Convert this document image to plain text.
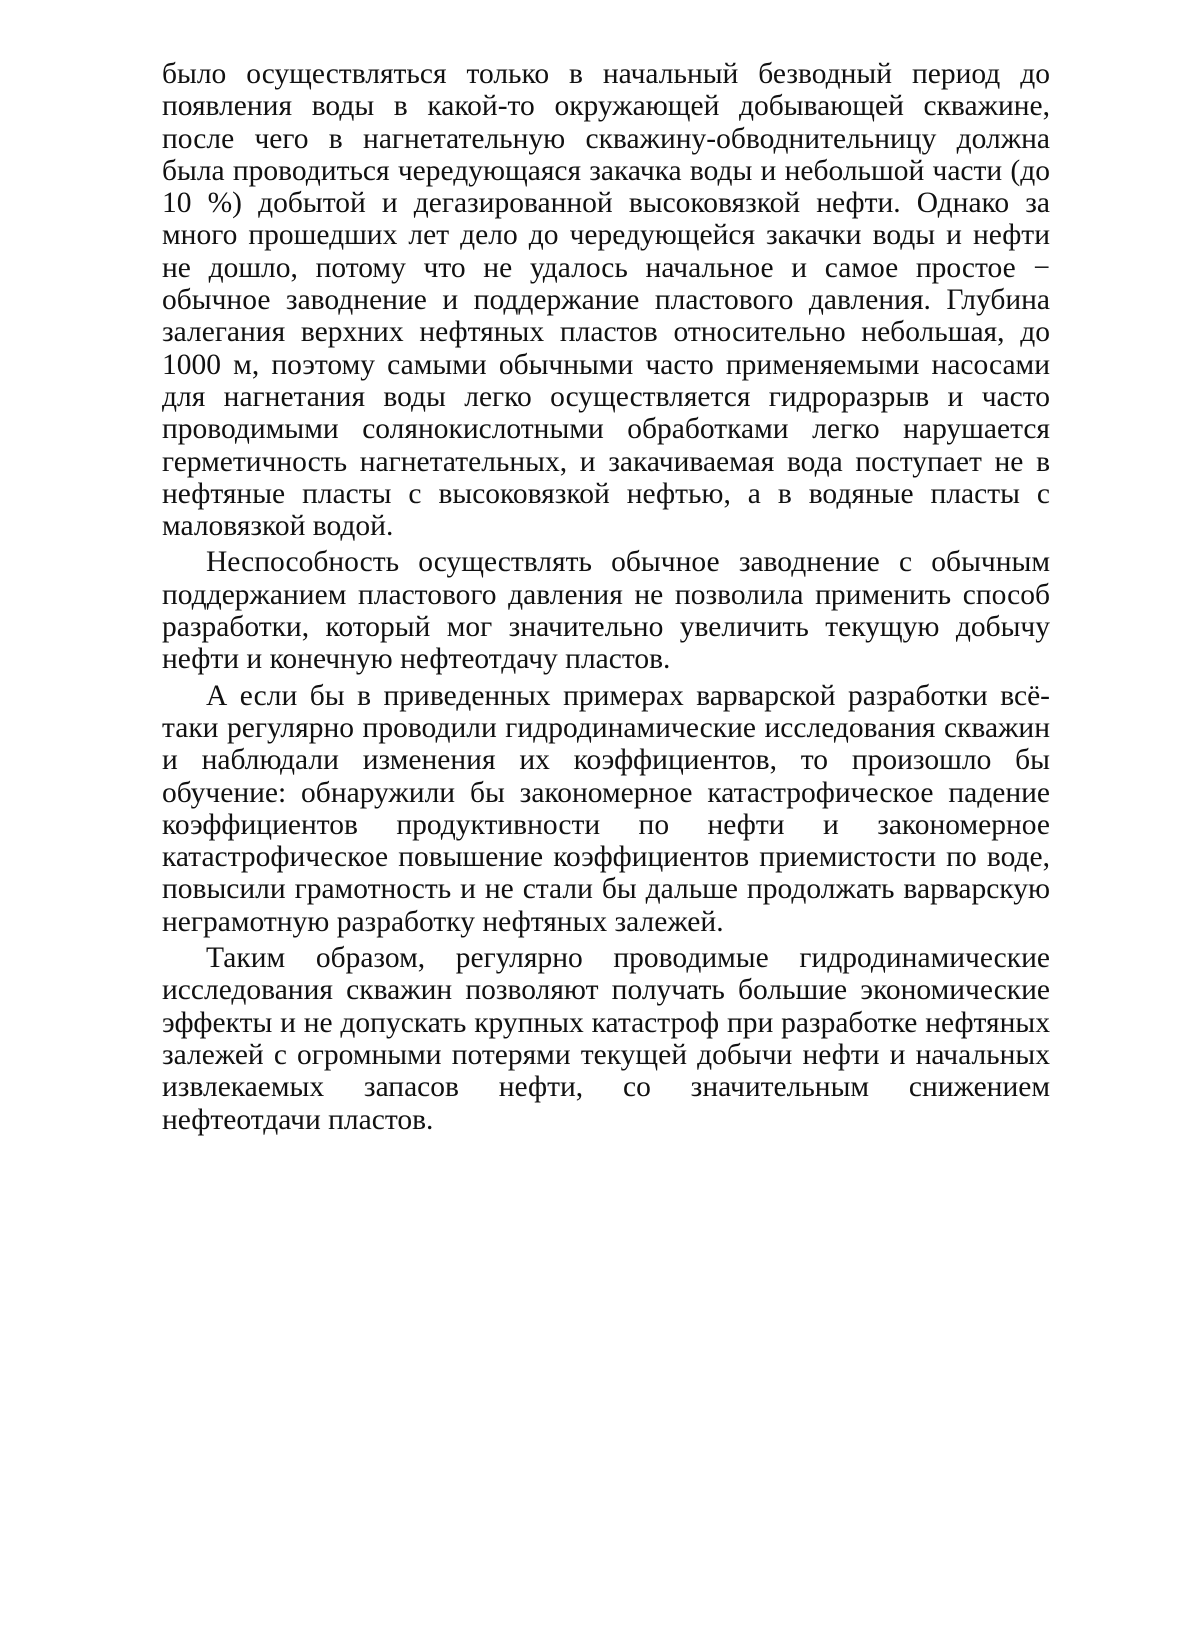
было осуществляться только в начальный безводный период до появления воды в какой-то окружающей добывающей скважине, после чего в нагнетательную скважину-обводнительницу должна была проводиться чередующаяся закачка воды и небольшой части (до 10 %) добытой и дегазированной высоковязкой нефти. Однако за много прошедших лет дело до чередующейся закачки воды и нефти не дошло, потому что не удалось начальное и самое простое − обычное заводнение и поддержание пластового давления. Глубина залегания верхних нефтяных пластов относительно небольшая, до 1000 м, поэтому самыми обычными часто применяемыми насосами для нагнетания воды легко осуществляется гидроразрыв и часто проводимыми солянокислотными обработками легко нарушается герметичность нагнетательных, и закачиваемая вода поступает не в нефтяные пласты с высоковязкой нефтью, а в водяные пласты с маловязкой водой.

Неспособность осуществлять обычное заводнение с обычным поддержанием пластового давления не позволила применить способ разработки, который мог значительно увеличить текущую добычу нефти и конечную нефтеотдачу пластов.

А если бы в приведенных примерах варварской разработки всё-таки регулярно проводили гидродинамические исследования скважин и наблюдали изменения их коэффициентов, то произошло бы обучение: обнаружили бы закономерное катастрофическое падение коэффициентов продуктивности по нефти и закономерное катастрофическое повышение коэффициентов приемистости по воде, повысили грамотность и не стали бы дальше продолжать варварскую неграмотную разработку нефтяных залежей.

Таким образом, регулярно проводимые гидродинамические исследования скважин позволяют получать большие экономические эффекты и не допускать крупных катастроф при разработке нефтяных залежей с огромными потерями текущей добычи нефти и начальных извлекаемых запасов нефти, со значительным снижением нефтеотдачи пластов.
